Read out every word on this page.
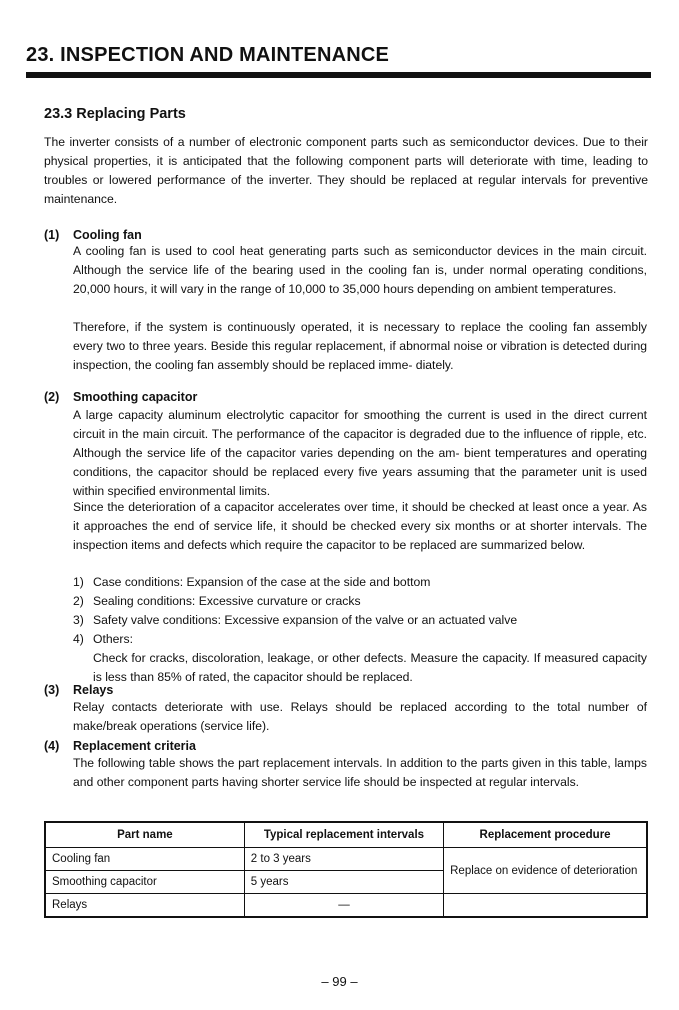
23. INSPECTION AND MAINTENANCE
23.3 Replacing Parts

The inverter consists of a number of electronic component parts such as semiconductor devices. Due to their physical properties, it is anticipated that the following component parts will deteriorate with time, leading to troubles or lowered performance of the inverter. They should be replaced at regular intervals for preventive maintenance.

(1) Cooling fan

A cooling fan is used to cool heat generating parts such as semiconductor devices in the main circuit. Although the service life of the bearing used in the cooling fan is, under normal operating conditions, 20,000 hours, it will vary in the range of 10,000 to 35,000 hours depending on ambient temperatures.

Therefore, if the system is continuously operated, it is necessary to replace the cooling fan assembly every two to three years. Beside this regular replacement, if abnormal noise or vibration is detected during inspection, the cooling fan assembly should be replaced imme- diately.

(2) Smoothing capacitor

A large capacity aluminum electrolytic capacitor for smoothing the current is used in the direct current circuit in the main circuit. The performance of the capacitor is degraded due to the influence of ripple, etc. Although the service life of the capacitor varies depending on the am- bient temperatures and operating conditions, the capacitor should be replaced every five years assuming that the parameter unit is used within specified environmental limits.

Since the deterioration of a capacitor accelerates over time, it should be checked at least once a year. As it approaches the end of service life, it should be checked every six months or at shorter intervals. The inspection items and defects which require the capacitor to be replaced are summarized below.

1) Case conditions: Expansion of the case at the side and bottom
2) Sealing conditions: Excessive curvature or cracks
3) Safety valve conditions: Excessive expansion of the valve or an actuated valve
4) Others:
Check for cracks, discoloration, leakage, or other defects. Measure the capacity. If measured capacity is less than 85% of rated, the capacitor should be replaced.
(3) Relays

Relay contacts deteriorate with use. Relays should be replaced according to the total number of make/break operations (service life).

(4) Replacement criteria

The following table shows the part replacement intervals. In addition to the parts given in this table, lamps and other component parts having shorter service life should be inspected at regular intervals.

Part name	Typical replacement intervals	Replacement procedure
Cooling fan	2 to 3 years	Replace on evidence of deterioration
Smoothing capacitor	5 years	
Relays	—	
– 99 –
